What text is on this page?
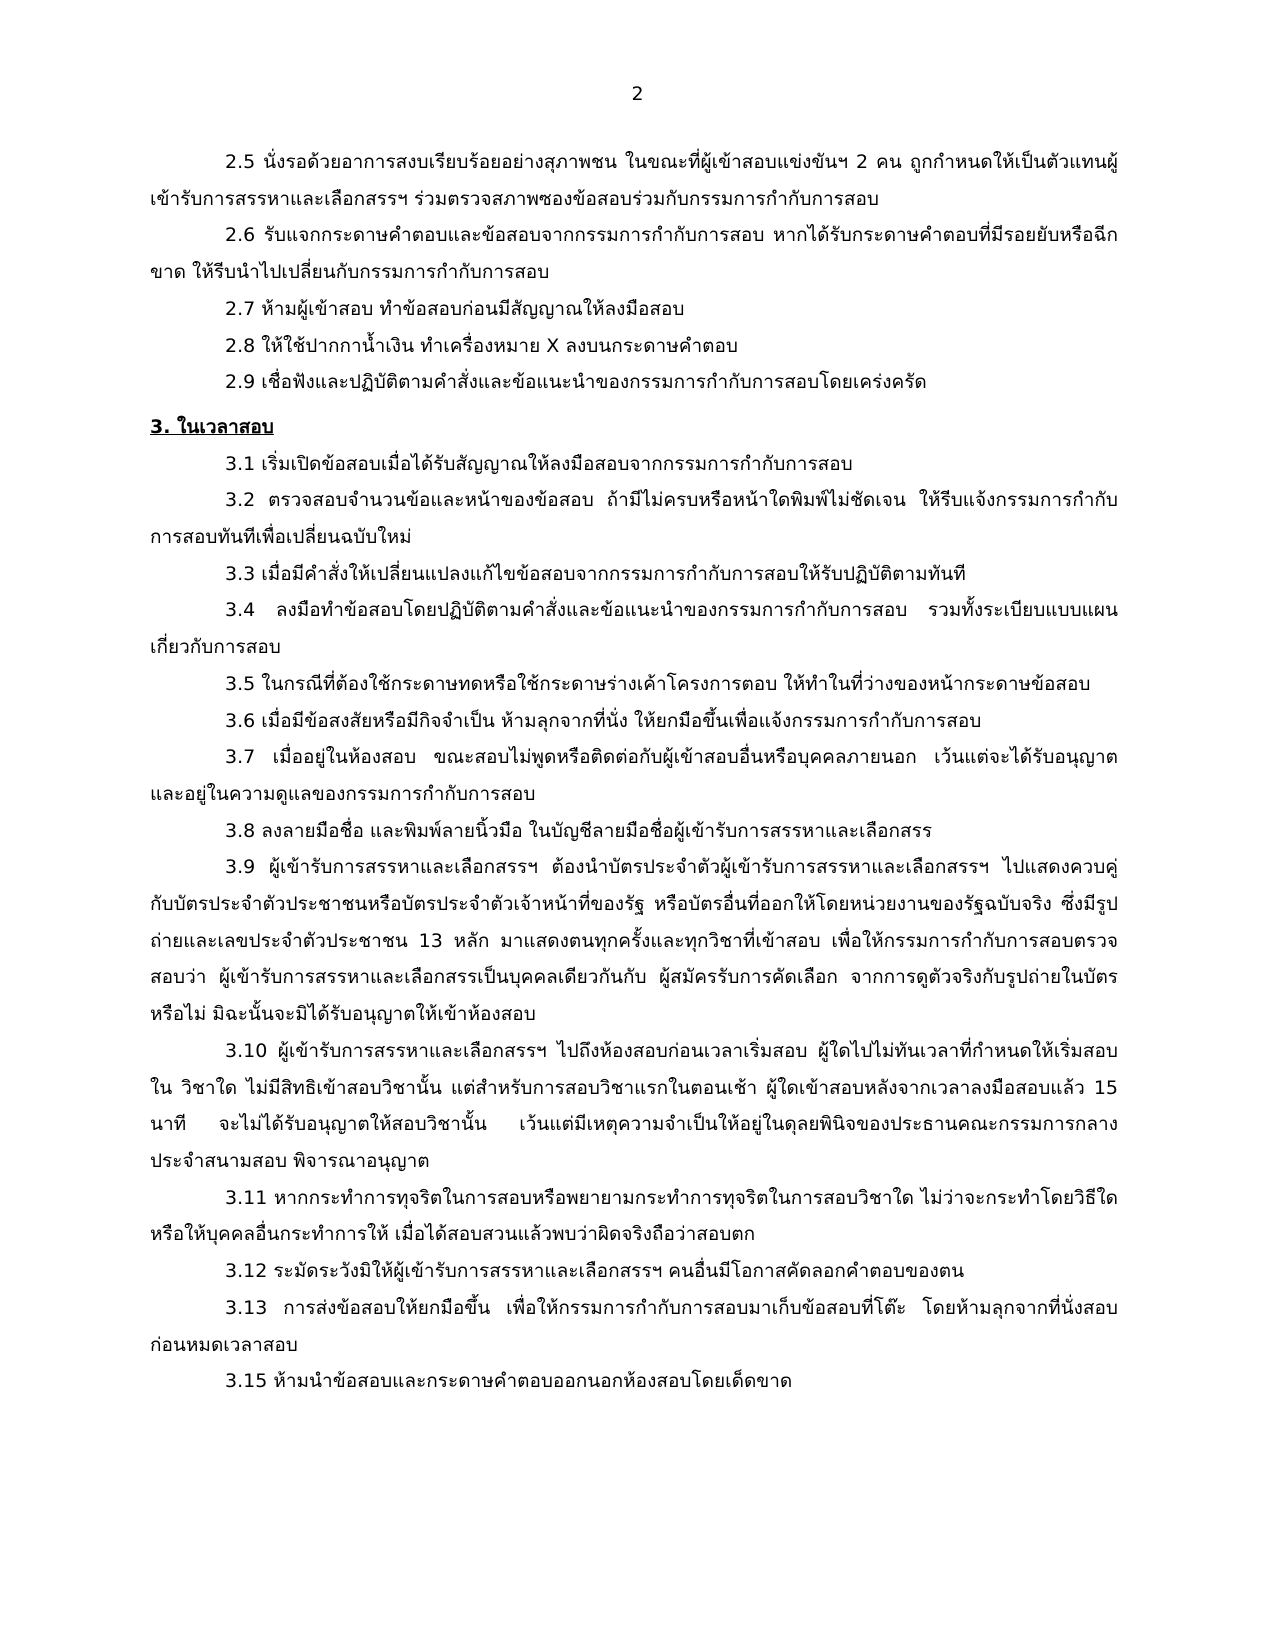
2

2.5 นั่งรอด้วยอาการสงบเรียบร้อยอย่างสุภาพชน ในขณะที่ผู้เข้าสอบแข่งขันฯ 2 คน ถูกกำหนดให้เป็นตัวแทนผู้เข้ารับการสรรหาและเลือกสรรฯ ร่วมตรวจสภาพซองข้อสอบร่วมกับกรรมการกำกับการสอบ

2.6 รับแจกกระดาษคำตอบและข้อสอบจากกรรมการกำกับการสอบ หากได้รับกระดาษคำตอบที่มีรอยยับหรือฉีกขาด ให้รีบนำไปเปลี่ยนกับกรรมการกำกับการสอบ

2.7 ห้ามผู้เข้าสอบ ทำข้อสอบก่อนมีสัญญาณให้ลงมือสอบ

2.8 ให้ใช้ปากกาน้ำเงิน ทำเครื่องหมาย X ลงบนกระดาษคำตอบ

2.9 เชื่อฟังและปฏิบัติตามคำสั่งและข้อแนะนำของกรรมการกำกับการสอบโดยเคร่งครัด

3. ในเวลาสอบ

3.1 เริ่มเปิดข้อสอบเมื่อได้รับสัญญาณให้ลงมือสอบจากกรรมการกำกับการสอบ

3.2 ตรวจสอบจำนวนข้อและหน้าของข้อสอบ ถ้ามีไม่ครบหรือหน้าใดพิมพ์ไม่ชัดเจน ให้รีบแจ้งกรรมการกำกับการสอบทันทีเพื่อเปลี่ยนฉบับใหม่

3.3 เมื่อมีคำสั่งให้เปลี่ยนแปลงแก้ไขข้อสอบจากกรรมการกำกับการสอบให้รับปฏิบัติตามทันที

3.4 ลงมือทำข้อสอบโดยปฏิบัติตามคำสั่งและข้อแนะนำของกรรมการกำกับการสอบ รวมทั้งระเบียบแบบแผนเกี่ยวกับการสอบ

3.5 ในกรณีที่ต้องใช้กระดาษทดหรือใช้กระดาษร่างเค้าโครงการตอบ ให้ทำในที่ว่างของหน้ากระดาษข้อสอบ

3.6 เมื่อมีข้อสงสัยหรือมีกิจจำเป็น ห้ามลุกจากที่นั่ง ให้ยกมือขึ้นเพื่อแจ้งกรรมการกำกับการสอบ

3.7 เมื่ออยู่ในห้องสอบ ขณะสอบไม่พูดหรือติดต่อกับผู้เข้าสอบอื่นหรือบุคคลภายนอก เว้นแต่จะได้รับอนุญาต และอยู่ในความดูแลของกรรมการกำกับการสอบ

3.8 ลงลายมือชื่อ และพิมพ์ลายนิ้วมือ ในบัญชีลายมือชื่อผู้เข้ารับการสรรหาและเลือกสรร

3.9 ผู้เข้ารับการสรรหาและเลือกสรรฯ ต้องนำบัตรประจำตัวผู้เข้ารับการสรรหาและเลือกสรรฯ ไปแสดงควบคู่กับบัตรประจำตัวประชาชนหรือบัตรประจำตัวเจ้าหน้าที่ของรัฐ หรือบัตรอื่นที่ออกให้โดยหน่วยงานของรัฐฉบับจริง ซึ่งมีรูปถ่ายและเลขประจำตัวประชาชน 13 หลัก มาแสดงตนทุกครั้งและทุกวิชาที่เข้าสอบ เพื่อให้กรรมการกำกับการสอบตรวจสอบว่า ผู้เข้ารับการสรรหาและเลือกสรรเป็นบุคคลเดียวกันกับ ผู้สมัครรับการคัดเลือก จากการดูตัวจริงกับรูปถ่ายในบัตรหรือไม่ มิฉะนั้นจะมิได้รับอนุญาตให้เข้าห้องสอบ

3.10 ผู้เข้ารับการสรรหาและเลือกสรรฯ ไปถึงห้องสอบก่อนเวลาเริ่มสอบ ผู้ใดไปไม่ทันเวลาที่กำหนดให้เริ่มสอบใน วิชาใด ไม่มีสิทธิเข้าสอบวิชานั้น แต่สำหรับการสอบวิชาแรกในตอนเช้า ผู้ใดเข้าสอบหลังจากเวลาลงมือสอบแล้ว 15 นาที จะไม่ได้รับอนุญาตให้สอบวิชานั้น เว้นแต่มีเหตุความจำเป็นให้อยู่ในดุลยพินิจของประธานคณะกรรมการกลางประจำสนามสอบ พิจารณาอนุญาต

3.11 หากกระทำการทุจริตในการสอบหรือพยายามกระทำการทุจริตในการสอบวิชาใด ไม่ว่าจะกระทำโดยวิธีใดหรือให้บุคคลอื่นกระทำการให้ เมื่อได้สอบสวนแล้วพบว่าผิดจริงถือว่าสอบตก

3.12 ระมัดระวังมิให้ผู้เข้ารับการสรรหาและเลือกสรรฯ คนอื่นมีโอกาสคัดลอกคำตอบของตน

3.13 การส่งข้อสอบให้ยกมือขึ้น เพื่อให้กรรมการกำกับการสอบมาเก็บข้อสอบที่โต๊ะ โดยห้ามลุกจากที่นั่งสอบก่อนหมดเวลาสอบ

3.15 ห้ามนำข้อสอบและกระดาษคำตอบออกนอกห้องสอบโดยเด็ดขาด
